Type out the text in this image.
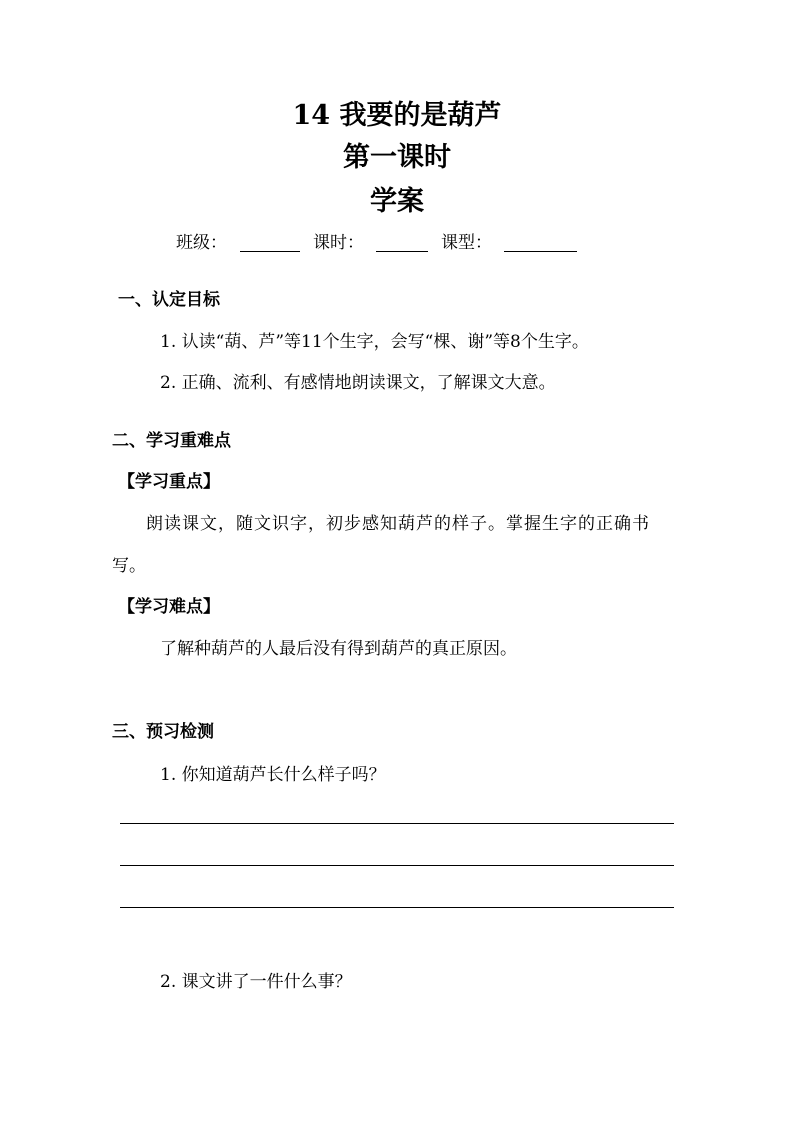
14 我要的是葫芦
第一课时
学案
班级：	课时：	课型：
一、认定目标
1. 认读“葫、芦”等11个生字，会写“棵、谢”等8个生字。
2. 正确、流利、有感情地朗读课文，了解课文大意。
二、学习重难点
【学习重点】
朗读课文，随文识字，初步感知葫芦的样子。掌握生字的正确书
写。
【学习难点】
了解种葫芦的人最后没有得到葫芦的真正原因。
三、预习检测
1. 你知道葫芦长什么样子吗？
2. 课文讲了一件什么事？
